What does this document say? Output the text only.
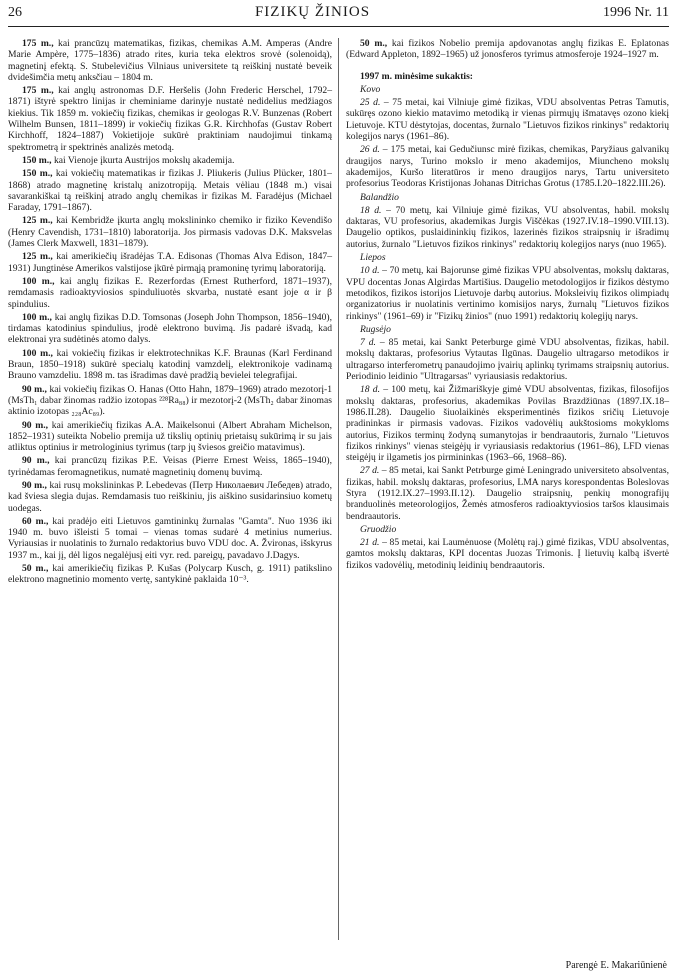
26	FIZIKŲ ŽINIOS	1996 Nr. 11

175 m., kai prancūzų matematikas, fizikas, chemikas A.M. Amperas (Andre Marie Ampère, 1775–1836) atrado rites, kuria teka elektros srovė (solenoidą), magnetinį efektą. S. Stubelevičius Vilniaus universitete tą reiškinį nustatė beveik dvidešimčia metų anksčiau – 1804 m.

175 m., kai anglų astronomas D.F. Heršelis (John Frederic Herschel, 1792–1871) ištyrė spektro linijas ir cheminiame darinyje nustatė nedidelius medžiagos kiekius. Tik 1859 m. vokiečių fizikas, chemikas ir geologas R.V. Bunzenas (Robert Wilhelm Bunsen, 1811–1899) ir vokiečių fizikas G.R. Kirchhofas (Gustav Robert Kirchhoff, 1824–1887) Vokietijoje sukūrė praktiniam naudojimui tinkamą spektrometrą ir spektrinės analizės metodą.

150 m., kai Vienoje įkurta Austrijos mokslų akademija.

150 m., kai vokiečių matematikas ir fizikas J. Pliukeris (Julius Plücker, 1801–1868) atrado magnetinę kristalų anizotropiją. Metais vėliau (1848 m.) visai savarankiškai tą reiškinį atrado anglų chemikas ir fizikas M. Faradėjus (Michael Faraday, 1791–1867).

125 m., kai Kembridže įkurta anglų mokslininko chemiko ir fiziko Kevendišo (Henry Cavendish, 1731–1810) laboratorija. Jos pirmasis vadovas D.K. Maksvelas (James Clerk Maxwell, 1831–1879).

125 m., kai amerikiečių išradėjas T.A. Edisonas (Thomas Alva Edison, 1847–1931) Jungtinėse Amerikos valstijose įkūrė pirmąją pramoninę tyrimų laboratoriją.

100 m., kai anglų fizikas E. Rezerfordas (Ernest Rutherford, 1871–1937), remdamasis radioaktyviosios spinduliuotės skvarba, nustatė esant joje α ir β spindulius.

100 m., kai anglų fizikas D.D. Tomsonas (Joseph John Thompson, 1856–1940), tirdamas katodinius spindulius, įrodė elektrono buvimą. Jis padarė išvadą, kad elektronai yra sudėtinės atomo dalys.

100 m., kai vokiečių fizikas ir elektrotechnikas K.F. Braunas (Karl Ferdinand Braun, 1850–1918) sukūrė specialų katodinį vamzdelį, elektronikoje vadinamą Brauno vamzdeliu. 1898 m. tas išradimas davė pradžią bevielei telegrafijai.

90 m., kai vokiečių fizikas O. Hanas (Otto Hahn, 1879–1969) atrado mezotorį-1 (MsTh₁ dabar žinomas radžio izotopas ²²⁸Ra₈₈) ir mezotorį-2 (MsTh₂ dabar žinomas aktinio izotopas ₂₂₈Ac₈₉).

90 m., kai amerikiečių fizikas A.A. Maikelsonui (Albert Abraham Michelson, 1852–1931) suteikta Nobelio premija už tikslių optinių prietaisų sukūrimą ir su jais atliktus optinius ir metrologinius tyrimus (tarp jų šviesos greičio matavimus).

90 m., kai prancūzų fizikas P.E. Veisas (Pierre Ernest Weiss, 1865–1940), tyrinėdamas feromagnetikus, numatė magnetinių domenų buvimą.

90 m., kai rusų mokslininkas P. Lebedevas (Петр Николаевич Лебедев) atrado, kad šviesa slegia dujas. Remdamasis tuo reiškiniu, jis aiškino susidarinsiuo kometų uodegas.

60 m., kai pradėjo eiti Lietuvos gamtininkų žurnalas "Gamta". Nuo 1936 iki 1940 m. buvo išleisti 5 tomai – vienas tomas sudarė 4 metinius numerius. Vyriausias ir nuolatinis to žurnalo redaktorius buvo VDU doc. A. Žvironas, išskyrus 1937 m., kai jį, dėl ligos negalėjusį eiti vyr. red. pareigų, pavadavo J.Dagys.

50 m., kai amerikiečių fizikas P. Kušas (Polycarp Kusch, g. 1911) patikslino elektrono magnetinio momento vertę, santykinė paklaida 10⁻³.

50 m., kai fizikos Nobelio premija apdovanotas anglų fizikas E. Eplatonas (Edward Appleton, 1892–1965) už jonosferos tyrimus atmosferoje 1924–1927 m.

1997 m. minėsime sukaktis:

Kovo

25 d. – 75 metai, kai Vilniuje gimė fizikas, VDU absolventas Petras Tamutis, sukūręs ozono kiekio matavimo metodiką ir vienas pirmųjų išmatavęs ozono kiekį Lietuvoje. KTU dėstytojas, docentas, žurnalo "Lietuvos fizikos rinkinys" redaktorių kolegijos narys (1961–86).

26 d. – 175 metai, kai Gedučiunsc mirė fizikas, chemikas, Paryžiaus galvanikų draugijos narys, Turino mokslo ir meno akademijos, Miuncheno mokslų akademijos, Kuršo literatūros ir meno draugijos narys, Tartu universiteto profesorius Teodoras Kristijonas Johanas Ditrichas Grotus (1785.I.20–1822.III.26).

Balandžio

18 d. – 70 metų, kai Vilniuje gimė fizikas, VU absolventas, habil. mokslų daktaras, VU profesorius, akademikas Jurgis Viščėkas (1927.IV.18–1990.VIII.13). Daugelio optikos, puslaidininkių fizikos, lazerinės fizikos straipsnių ir išradimų autorius, žurnalo "Lietuvos fizikos rinkinys" redaktorių kolegijos narys (nuo 1965).

Liepos

10 d. – 70 metų, kai Bajorunse gimė fizikas VPU absolventas, mokslų daktaras, VPU docentas Jonas Algirdas Martišius. Daugelio metodologijos ir fizikos dėstymo metodikos, fizikos istorijos Lietuvoje darbų autorius. Moksleivių fizikos olimpiadų organizatorius ir nuolatinis vertinimo komisijos narys, žurnalų "Lietuvos fizikos rinkinys" (1961–69) ir "Fizikų žinios" (nuo 1991) redaktorių kolegijų narys.

Rugsėjo

7 d. – 85 metai, kai Sankt Peterburge gimė VDU absolventas, fizikas, habil. mokslų daktaras, profesorius Vytautas Ilgūnas. Daugelio ultragarso metodikos ir ultragarso interferometrų panaudojimo įvairių aplinkų tyrimams straipsnių autorius. Periodinio leidinio "Ultragarsas" vyriausiasis redaktorius.

18 d. – 100 metų, kai Žižmariškyje gimė VDU absolventas, fizikas, filosofijos mokslų daktaras, profesorius, akademikas Povilas Brazdžiūnas (1897.IX.18–1986.II.28). Daugelio šiuolaikinės eksperimentinės fizikos sričių Lietuvoje pradininkas ir pirmasis vadovas. Fizikos vadovėlių aukštosioms mokykloms autorius, Fizikos terminų žodyną sumanytojas ir bendraautoris, žurnalo "Lietuvos fizikos rinkinys" vienas steigėjų ir vyriausiasis redaktorius (1961–86), LFD vienas steigėjų ir ilgametis jos pirmininkas (1963–66, 1968–86).

27 d. – 85 metai, kai Sankt Petrburge gimė Leningrado universiteto absolventas, fizikas, habil. mokslų daktaras, profesorius, LMA narys korespondentas Boleslovas Styra (1912.IX.27–1993.II.12). Daugelio straipsnių, penkių monografijų branduolinės meteorologijos, Žemės atmosferos radioaktyviosios taršos klausimais bendraautoris.

Gruodžio

21 d. – 85 metai, kai Laumėnuose (Molėtų raj.) gimė fizikas, VDU absolventas, gamtos mokslų daktaras, KPI docentas Juozas Trimonis. Į lietuvių kalbą išvertė fizikos vadovėlių, metodinių leidinių bendraautoris.

Parengė E. Makariūnienė
